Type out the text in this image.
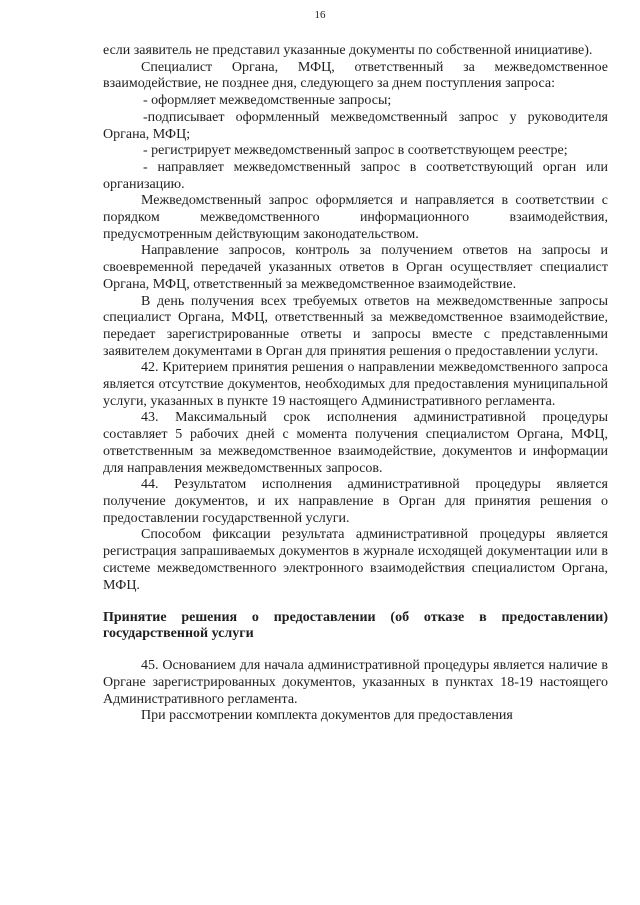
16

если заявитель не представил указанные документы по собственной инициативе).

Специалист Органа, МФЦ, ответственный за межведомственное взаимодействие, не позднее дня, следующего за днем поступления запроса:

- оформляет межведомственные запросы;

-подписывает оформленный межведомственный запрос у руководителя Органа, МФЦ;

- регистрирует межведомственный запрос в соответствующем реестре;

- направляет межведомственный запрос в соответствующий орган или организацию.

Межведомственный запрос оформляется и направляется в соответствии с порядком межведомственного информационного взаимодействия, предусмотренным действующим законодательством.

Направление запросов, контроль за получением ответов на запросы и своевременной передачей указанных ответов в Орган осуществляет специалист Органа, МФЦ, ответственный за межведомственное взаимодействие.

В день получения всех требуемых ответов на межведомственные запросы специалист Органа, МФЦ, ответственный за межведомственное взаимодействие, передает зарегистрированные ответы и запросы вместе с представленными заявителем документами в Орган для принятия решения о предоставлении услуги.

42. Критерием принятия решения о направлении межведомственного запроса является отсутствие документов, необходимых для предоставления муниципальной услуги, указанных в пункте 19 настоящего Административного регламента.

43. Максимальный срок исполнения административной процедуры составляет 5 рабочих дней с момента получения специалистом Органа, МФЦ, ответственным за межведомственное взаимодействие, документов и информации для направления межведомственных запросов.

44. Результатом исполнения административной процедуры является получение документов, и их направление в Орган для принятия решения о предоставлении государственной услуги.

Способом фиксации результата административной процедуры является регистрация запрашиваемых документов в журнале исходящей документации или в системе межведомственного электронного взаимодействия специалистом Органа, МФЦ.

Принятие решения о предоставлении (об отказе в предоставлении) государственной услуги

45. Основанием для начала административной процедуры является наличие в Органе зарегистрированных документов, указанных в пунктах 18-19 настоящего Административного регламента.

При рассмотрении комплекта документов для предоставления
